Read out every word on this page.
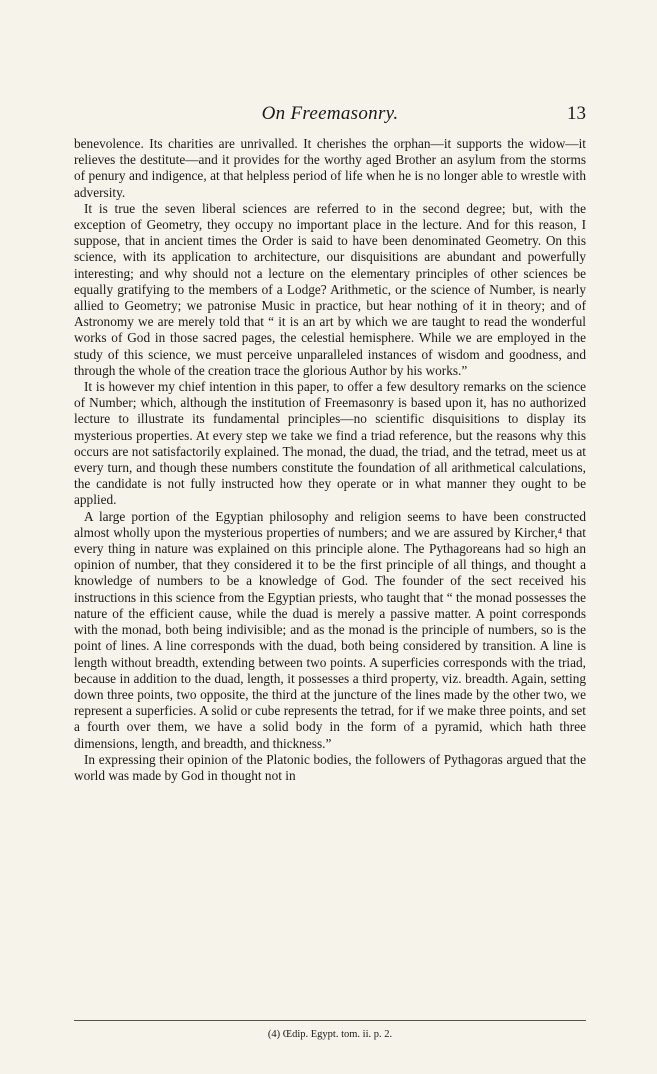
On Freemasonry.	13

benevolence. Its charities are unrivalled. It cherishes the orphan—it supports the widow—it relieves the destitute—and it provides for the worthy aged Brother an asylum from the storms of penury and indigence, at that helpless period of life when he is no longer able to wrestle with adversity.

It is true the seven liberal sciences are referred to in the second degree; but, with the exception of Geometry, they occupy no important place in the lecture. And for this reason, I suppose, that in ancient times the Order is said to have been denominated Geometry. On this science, with its application to architecture, our disquisitions are abundant and powerfully interesting; and why should not a lecture on the elementary principles of other sciences be equally gratifying to the members of a Lodge? Arithmetic, or the science of Number, is nearly allied to Geometry; we patronise Music in practice, but hear nothing of it in theory; and of Astronomy we are merely told that “ it is an art by which we are taught to read the wonderful works of God in those sacred pages, the celestial hemisphere. While we are employed in the study of this science, we must perceive unparalleled instances of wisdom and goodness, and through the whole of the creation trace the glorious Author by his works.”

It is however my chief intention in this paper, to offer a few desultory remarks on the science of Number; which, although the institution of Freemasonry is based upon it, has no authorized lecture to illustrate its fundamental principles—no scientific disquisitions to display its mysterious properties. At every step we take we find a triad reference, but the reasons why this occurs are not satisfactorily explained. The monad, the duad, the triad, and the tetrad, meet us at every turn, and though these numbers constitute the foundation of all arithmetical calculations, the candidate is not fully instructed how they operate or in what manner they ought to be applied.

A large portion of the Egyptian philosophy and religion seems to have been constructed almost wholly upon the mysterious properties of numbers; and we are assured by Kircher,⁴ that every thing in nature was explained on this principle alone. The Pythagoreans had so high an opinion of number, that they considered it to be the first principle of all things, and thought a knowledge of numbers to be a knowledge of God. The founder of the sect received his instructions in this science from the Egyptian priests, who taught that “ the monad possesses the nature of the efficient cause, while the duad is merely a passive matter. A point corresponds with the monad, both being indivisible; and as the monad is the principle of numbers, so is the point of lines. A line corresponds with the duad, both being considered by transition. A line is length without breadth, extending between two points. A superficies corresponds with the triad, because in addition to the duad, length, it possesses a third property, viz. breadth. Again, setting down three points, two opposite, the third at the juncture of the lines made by the other two, we represent a superficies. A solid or cube represents the tetrad, for if we make three points, and set a fourth over them, we have a solid body in the form of a pyramid, which hath three dimensions, length, and breadth, and thickness.”

In expressing their opinion of the Platonic bodies, the followers of Pythagoras argued that the world was made by God in thought not in

(4) Œdip. Egypt. tom. ii. p. 2.
